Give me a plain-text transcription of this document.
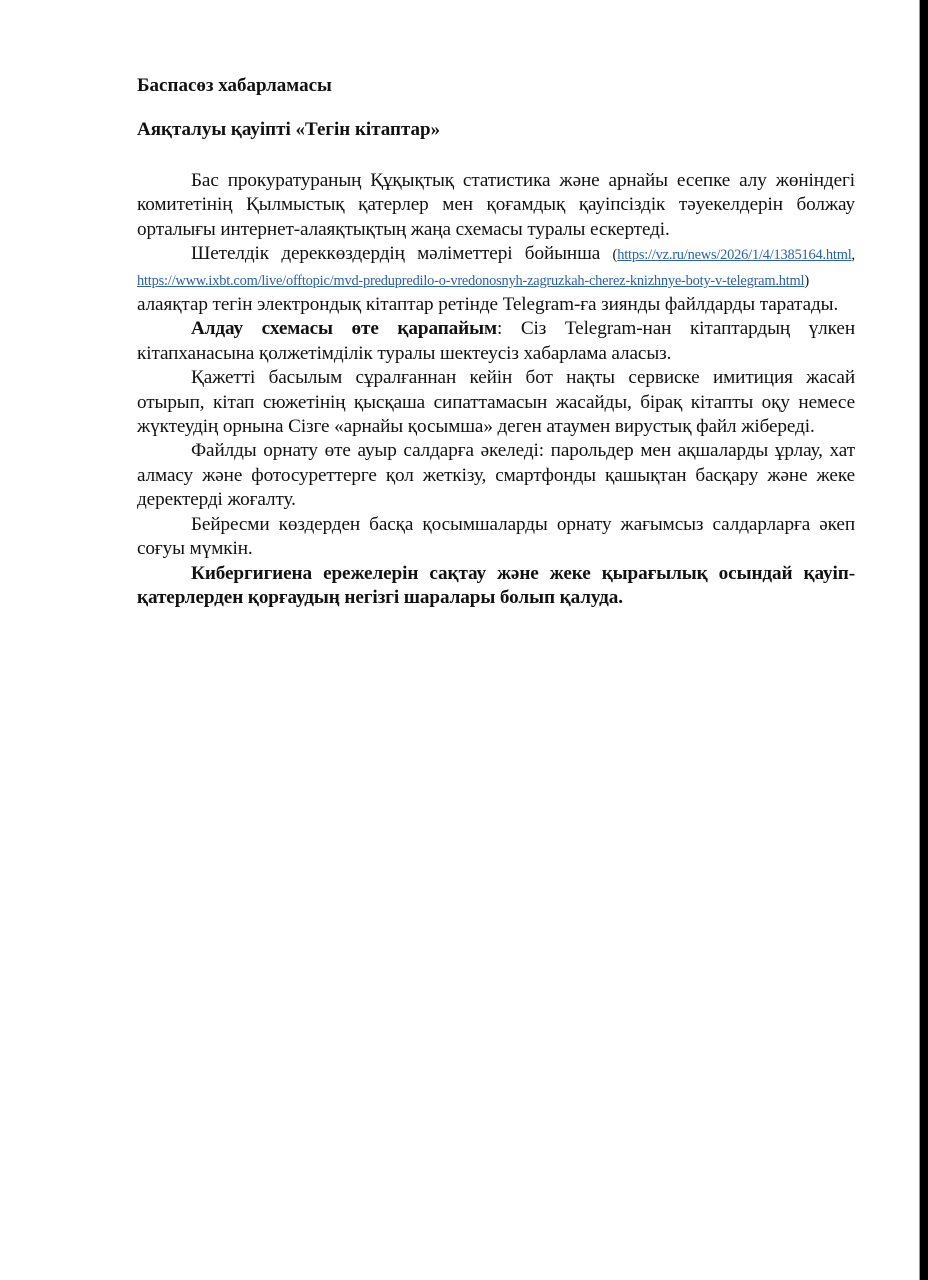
Баспасөз хабарламасы

Аяқталуы қауіпті «Тегін кітаптар»

Бас прокуратураның Құқықтық статистика және арнайы есепке алу жөніндегі комитетінің Қылмыстық қатерлер мен қоғамдық қауіпсіздік тәуекелдерін болжау орталығы интернет-алаяқтықтың жаңа схемасы туралы ескертеді.

Шетелдік дереккөздердің мәліметтері бойынша (https://vz.ru/news/2026/1/4/1385164.html, https://www.ixbt.com/live/offtopic/mvd-predupredilo-o-vredonosnyh-zagruzkah-cherez-knizhnye-boty-v-telegram.html) алаяқтар тегін электрондық кітаптар ретінде Telegram-ға зиянды файлдарды таратады.

Алдау схемасы өте қарапайым: Сіз Telegram-нан кітаптардың үлкен кітапханасына қолжетімділік туралы шектеусіз хабарлама аласыз.

Қажетті басылым сұралғаннан кейін бот нақты сервиске имитиция жасай отырып, кітап сюжетінің қысқаша сипаттамасын жасайды, бірақ кітапты оқу немесе жүктеудің орнына Сізге «арнайы қосымша» деген атаумен вирустық файл жібереді.

Файлды орнату өте ауыр салдарға әкеледі: парольдер мен ақшаларды ұрлау, хат алмасу және фотосуреттерге қол жеткізу, смартфонды қашықтан басқару және жеке деректерді жоғалту.

Бейресми көздерден басқа қосымшаларды орнату жағымсыз салдарларға әкеп соғуы мүмкін.

Кибергигиена ережелерін сақтау және жеке қырағылық осындай қауіп-қатерлерден қорғаудың негізгі шаралары болып қалуда.
